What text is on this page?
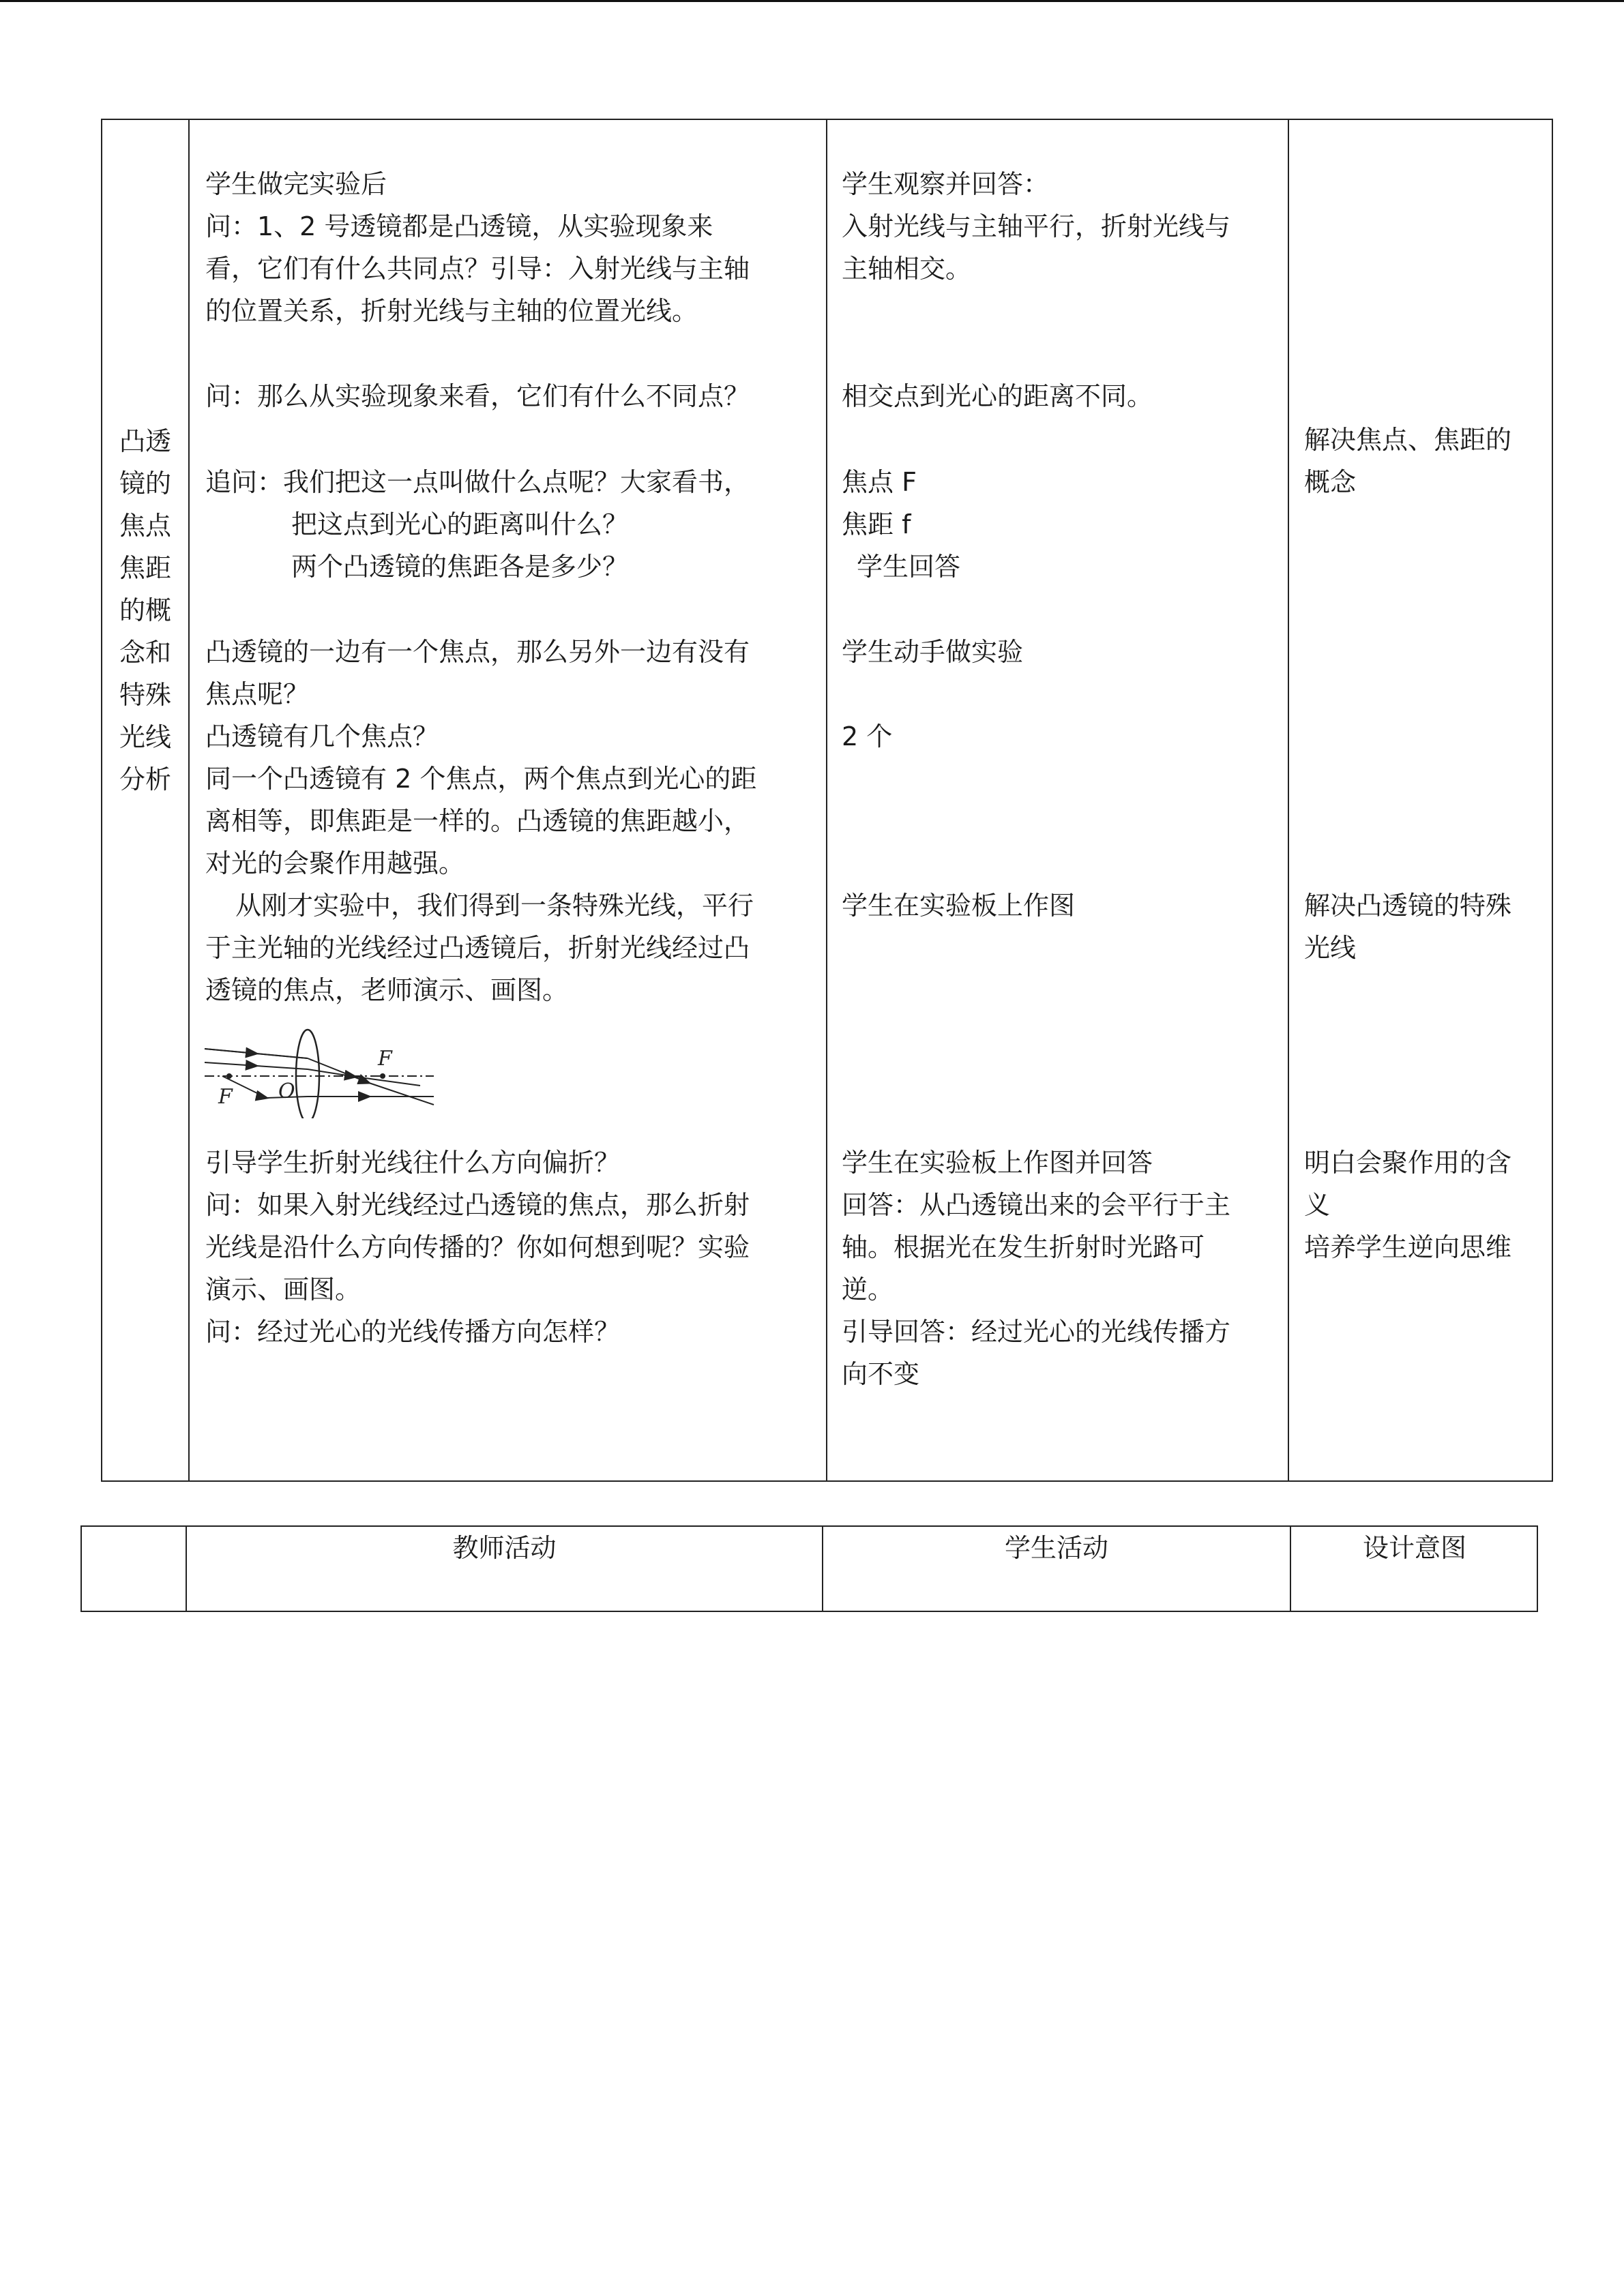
凸透

镜的

焦点

焦距

的概

念和

特殊

光线

分析

学生做完实验后

问：1、2 号透镜都是凸透镜，从实验现象来

看，它们有什么共同点？引导：入射光线与主轴

的位置关系，折射光线与主轴的位置光线。

问：那么从实验现象来看，它们有什么不同点？

追问：我们把这一点叫做什么点呢？大家看书，

把这点到光心的距离叫什么？

两个凸透镜的焦距各是多少？

凸透镜的一边有一个焦点，那么另外一边有没有

焦点呢？

凸透镜有几个焦点？

同一个凸透镜有 2 个焦点，两个焦点到光心的距

离相等，即焦距是一样的。凸透镜的焦距越小，

对光的会聚作用越强。

从刚才实验中，我们得到一条特殊光线，平行

于主光轴的光线经过凸透镜后，折射光线经过凸

透镜的焦点，老师演示、画图。

引导学生折射光线往什么方向偏折？

问：如果入射光线经过凸透镜的焦点，那么折射

光线是沿什么方向传播的？你如何想到呢？实验

演示、画图。

问：经过光心的光线传播方向怎样？

F
F O

学生观察并回答：

入射光线与主轴平行，折射光线与

主轴相交。

相交点到光心的距离不同。

焦点 F

焦距 f

学生回答

学生动手做实验

2 个

学生在实验板上作图

学生在实验板上作图并回答

回答：从凸透镜出来的会平行于主

轴。根据光在发生折射时光路可

逆。

引导回答：经过光心的光线传播方

向不变

解决焦点、焦距的

概念

解决凸透镜的特殊

光线

明白会聚作用的含

义

培养学生逆向思维

教师活动	学生活动	设计意图
